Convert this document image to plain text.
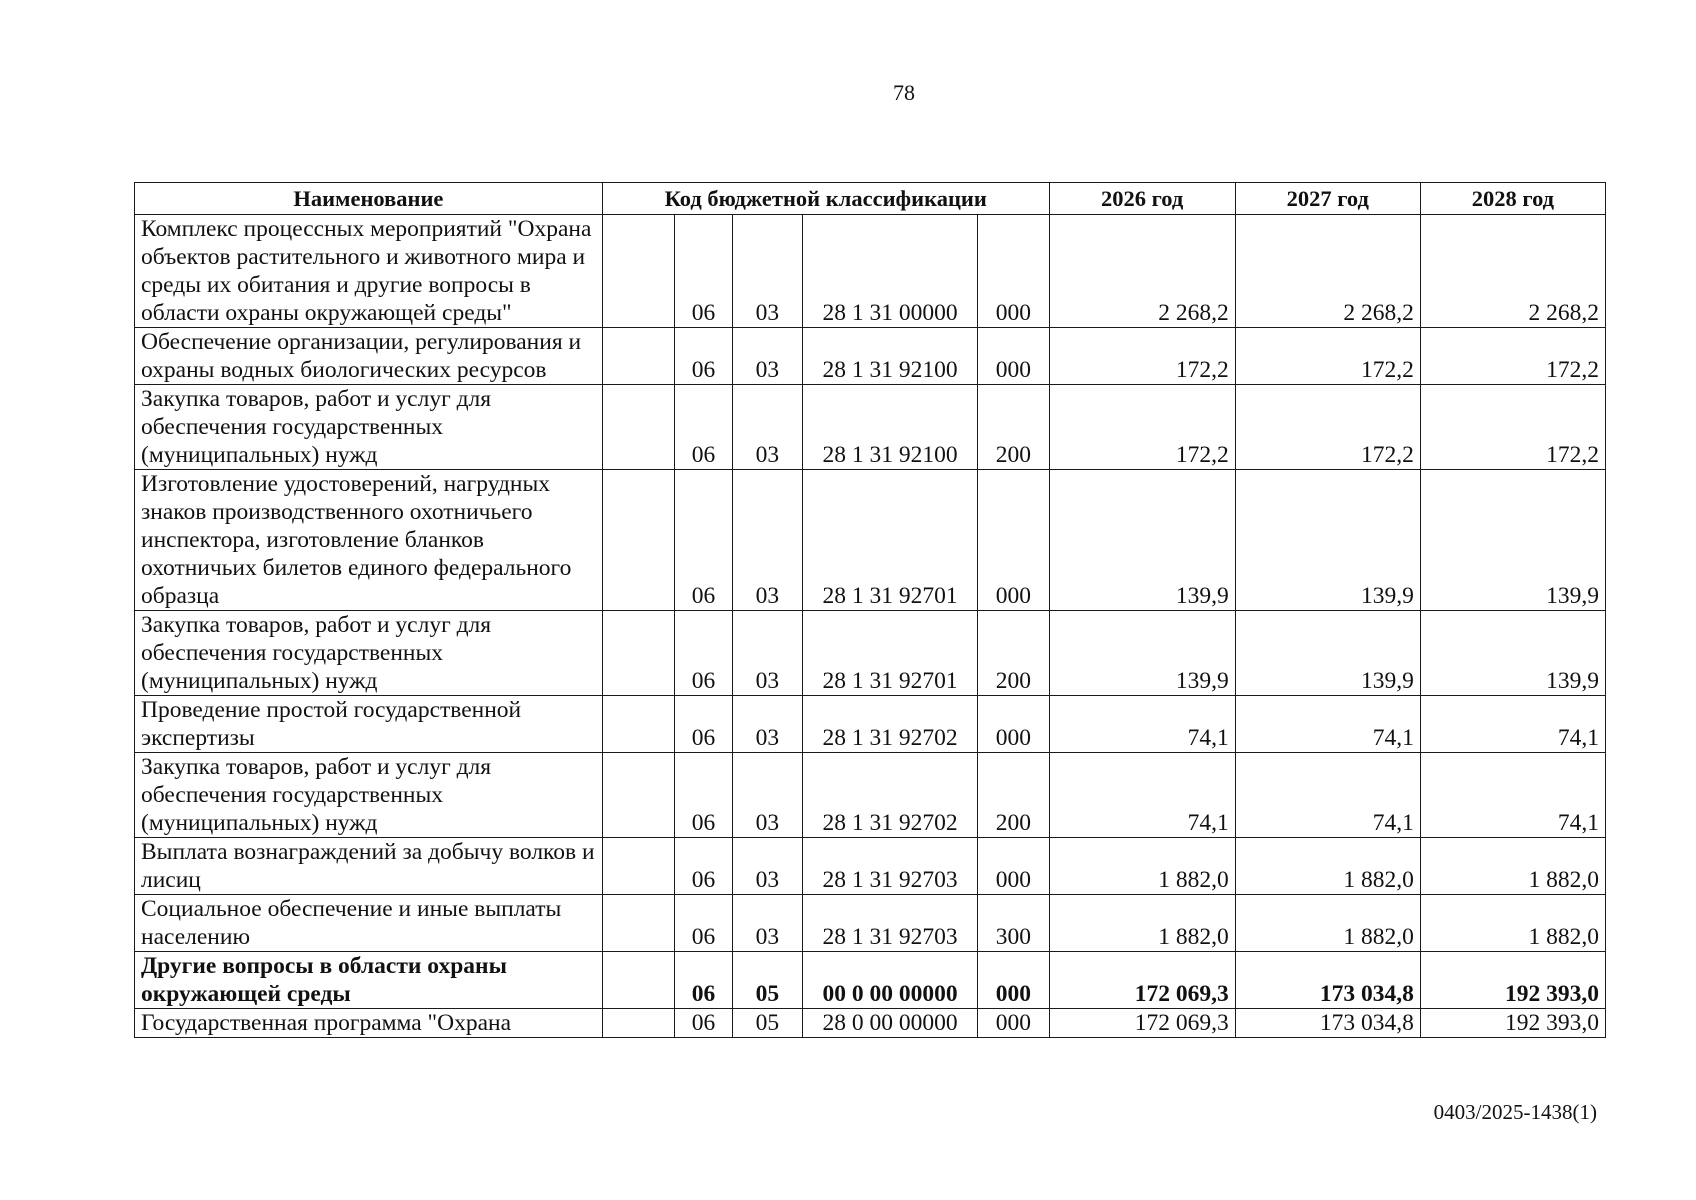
78
Наименование	Код бюджетной классификации					2026 год	2027 год	2028 год
Комплекс процессных мероприятий "Охрана объектов растительного и животного мира и среды их обитания и другие вопросы в области охраны окружающей среды"		06	03	28 1 31 00000	000	2 268,2	2 268,2	2 268,2
Обеспечение организации, регулирования и охраны водных биологических ресурсов		06	03	28 1 31 92100	000	172,2	172,2	172,2
Закупка товаров, работ и услуг для обеспечения государственных (муниципальных) нужд		06	03	28 1 31 92100	200	172,2	172,2	172,2
Изготовление удостоверений, нагрудных знаков производственного охотничьего инспектора, изготовление бланков охотничьих билетов единого федерального образца		06	03	28 1 31 92701	000	139,9	139,9	139,9
Закупка товаров, работ и услуг для обеспечения государственных (муниципальных) нужд		06	03	28 1 31 92701	200	139,9	139,9	139,9
Проведение простой государственной экспертизы		06	03	28 1 31 92702	000	74,1	74,1	74,1
Закупка товаров, работ и услуг для обеспечения государственных (муниципальных) нужд		06	03	28 1 31 92702	200	74,1	74,1	74,1
Выплата вознаграждений за добычу волков и лисиц		06	03	28 1 31 92703	000	1 882,0	1 882,0	1 882,0
Социальное обеспечение и иные выплаты населению		06	03	28 1 31 92703	300	1 882,0	1 882,0	1 882,0
Другие вопросы в области охраны окружающей среды		06	05	00 0 00 00000	000	172 069,3	173 034,8	192 393,0
Государственная программа "Охрана		06	05	28 0 00 00000	000	172 069,3	173 034,8	192 393,0
0403/2025-1438(1)
